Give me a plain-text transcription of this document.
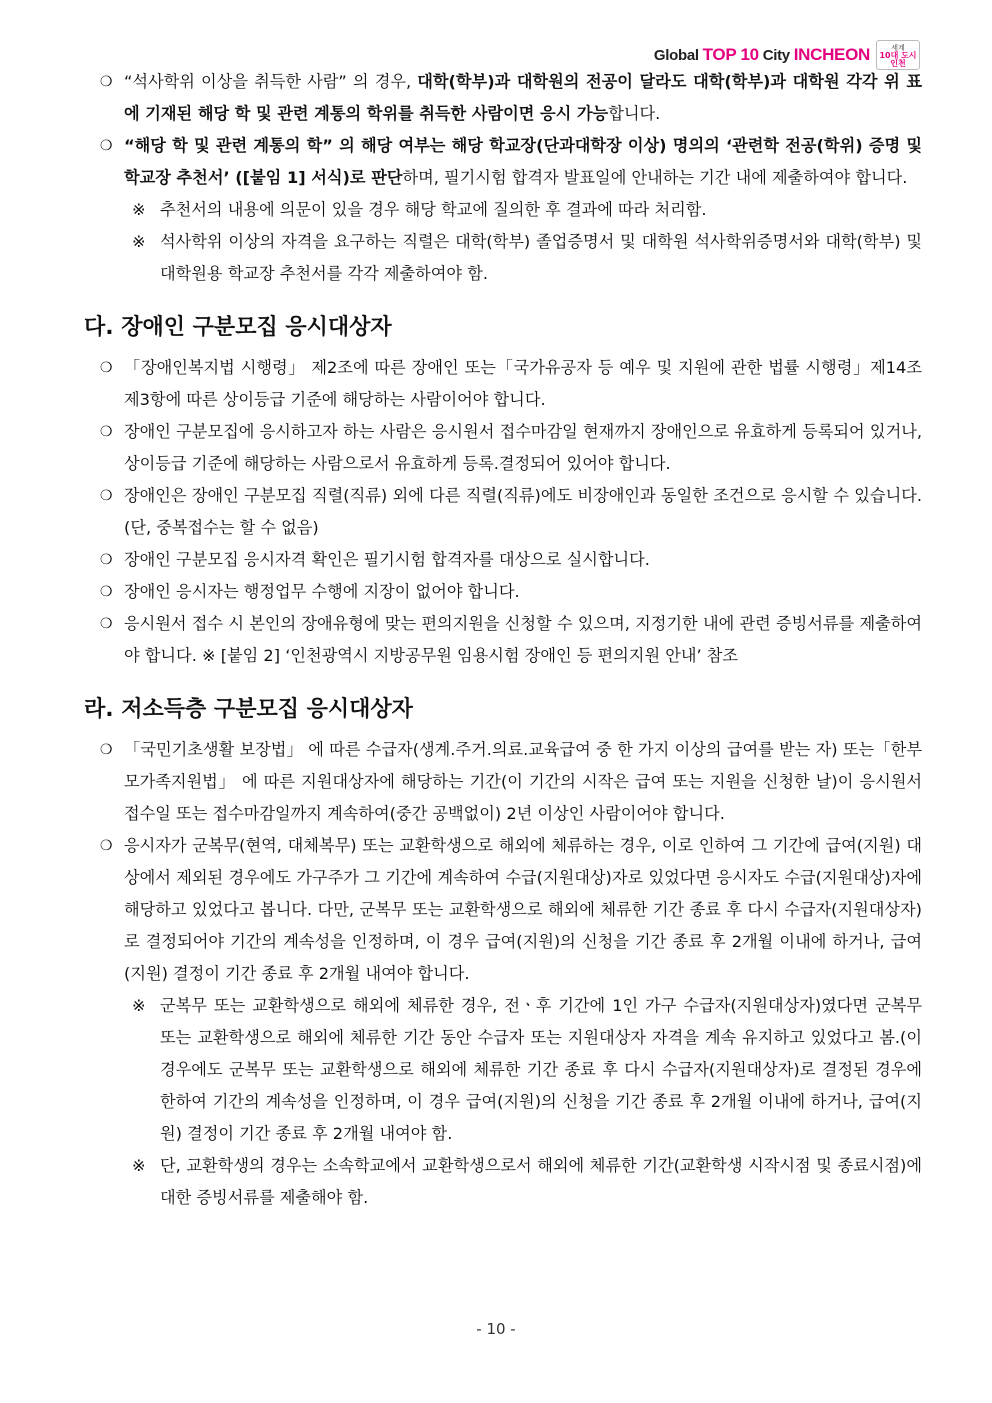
Global TOP 10 City INCHEON	세계
10대 도시
인천

❍ “석사학위 이상을 취득한 사람” 의 경우, 대학(학부)과 대학원의 전공이 달라도 대학(학부)과 대학원 각각 위 표에 기재된 해당 학 및 관련 계통의 학위를 취득한 사람이면 응시 가능합니다.

❍ “해당 학 및 관련 계통의 학” 의 해당 여부는 해당 학교장(단과대학장 이상) 명의의 ‘관련학 전공(학위) 증명 및 학교장 추천서’ ([붙임 1] 서식)로 판단하며, 필기시험 합격자 발표일에 안내하는 기간 내에 제출하여야 합니다.

※ 추천서의 내용에 의문이 있을 경우 해당 학교에 질의한 후 결과에 따라 처리함.

※ 석사학위 이상의 자격을 요구하는 직렬은 대학(학부) 졸업증명서 및 대학원 석사학위증명서와 대학(학부) 및 대학원용 학교장 추천서를 각각 제출하여야 함.

다. 장애인 구분모집 응시대상자

❍ 「장애인복지법 시행령」 제2조에 따른 장애인 또는「국가유공자 등 예우 및 지원에 관한 법률 시행령」제14조제3항에 따른 상이등급 기준에 해당하는 사람이어야 합니다.

❍ 장애인 구분모집에 응시하고자 하는 사람은 응시원서 접수마감일 현재까지 장애인으로 유효하게 등록되어 있거나, 상이등급 기준에 해당하는 사람으로서 유효하게 등록.결정되어 있어야 합니다.

❍ 장애인은 장애인 구분모집 직렬(직류) 외에 다른 직렬(직류)에도 비장애인과 동일한 조건으로 응시할 수 있습니다.(단, 중복접수는 할 수 없음)

❍ 장애인 구분모집 응시자격 확인은 필기시험 합격자를 대상으로 실시합니다.

❍ 장애인 응시자는 행정업무 수행에 지장이 없어야 합니다.

❍ 응시원서 접수 시 본인의 장애유형에 맞는 편의지원을 신청할 수 있으며, 지정기한 내에 관련 증빙서류를 제출하여야 합니다. ※ [붙임 2] ‘인천광역시 지방공무원 임용시험 장애인 등 편의지원 안내’ 참조

라. 저소득층 구분모집 응시대상자

❍ 「국민기초생활 보장법」 에 따른 수급자(생계.주거.의료.교육급여 중 한 가지 이상의 급여를 받는 자) 또는「한부모가족지원법」 에 따른 지원대상자에 해당하는 기간(이 기간의 시작은 급여 또는 지원을 신청한 날)이 응시원서 접수일 또는 접수마감일까지 계속하여(중간 공백없이) 2년 이상인 사람이어야 합니다.

❍ 응시자가 군복무(현역, 대체복무) 또는 교환학생으로 해외에 체류하는 경우, 이로 인하여 그 기간에 급여(지원) 대상에서 제외된 경우에도 가구주가 그 기간에 계속하여 수급(지원대상)자로 있었다면 응시자도 수급(지원대상)자에 해당하고 있었다고 봅니다. 다만, 군복무 또는 교환학생으로 해외에 체류한 기간 종료 후 다시 수급자(지원대상자)로 결정되어야 기간의 계속성을 인정하며, 이 경우 급여(지원)의 신청을 기간 종료 후 2개월 이내에 하거나, 급여(지원) 결정이 기간 종료 후 2개월 내여야 합니다.

※ 군복무 또는 교환학생으로 해외에 체류한 경우, 전ㆍ후 기간에 1인 가구 수급자(지원대상자)였다면 군복무 또는 교환학생으로 해외에 체류한 기간 동안 수급자 또는 지원대상자 자격을 계속 유지하고 있었다고 봄.(이 경우에도 군복무 또는 교환학생으로 해외에 체류한 기간 종료 후 다시 수급자(지원대상자)로 결정된 경우에 한하여 기간의 계속성을 인정하며, 이 경우 급여(지원)의 신청을 기간 종료 후 2개월 이내에 하거나, 급여(지원) 결정이 기간 종료 후 2개월 내여야 함.

※ 단, 교환학생의 경우는 소속학교에서 교환학생으로서 해외에 체류한 기간(교환학생 시작시점 및 종료시점)에 대한 증빙서류를 제출해야 함.

- 10 -
